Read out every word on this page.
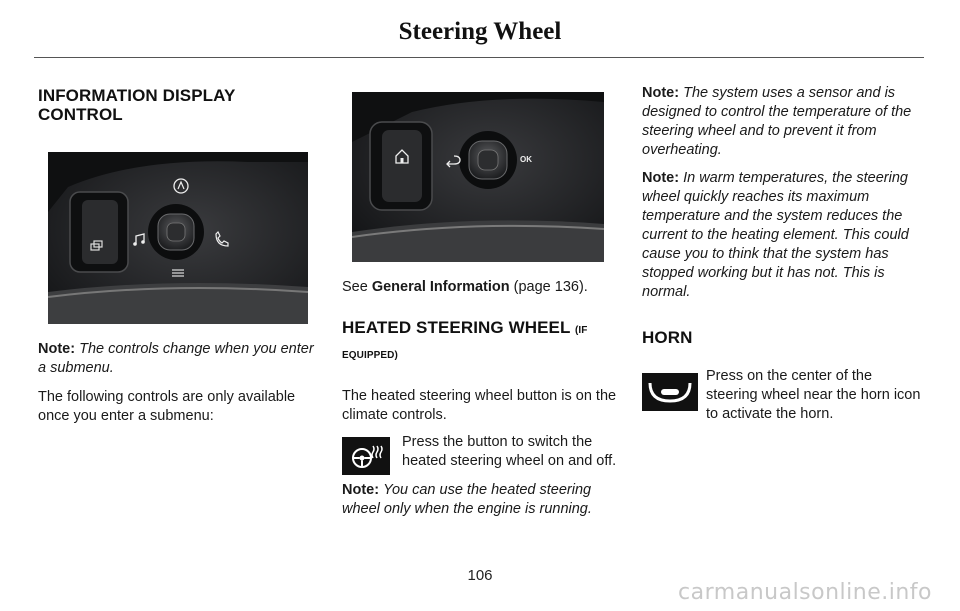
Steering Wheel
INFORMATION DISPLAY CONTROL

Note: The controls change when you enter a submenu.

The following controls are only available once you enter a submenu:

OK

See General Information (page 136).

HEATED STEERING WHEEL (IF
EQUIPPED)

The heated steering wheel button is on the climate controls.

Press the button to switch the heated steering wheel on and off.

Note: You can use the heated steering wheel only when the engine is running.

Note: The system uses a sensor and is designed to control the temperature of the steering wheel and to prevent it from overheating.

Note: In warm temperatures, the steering wheel quickly reaches its maximum temperature and the system reduces the current to the heating element. This could cause you to think that the system has stopped working but it has not. This is normal.

HORN

Press on the center of the steering wheel near the horn icon to activate the horn.

106
carmanualsonline.info
